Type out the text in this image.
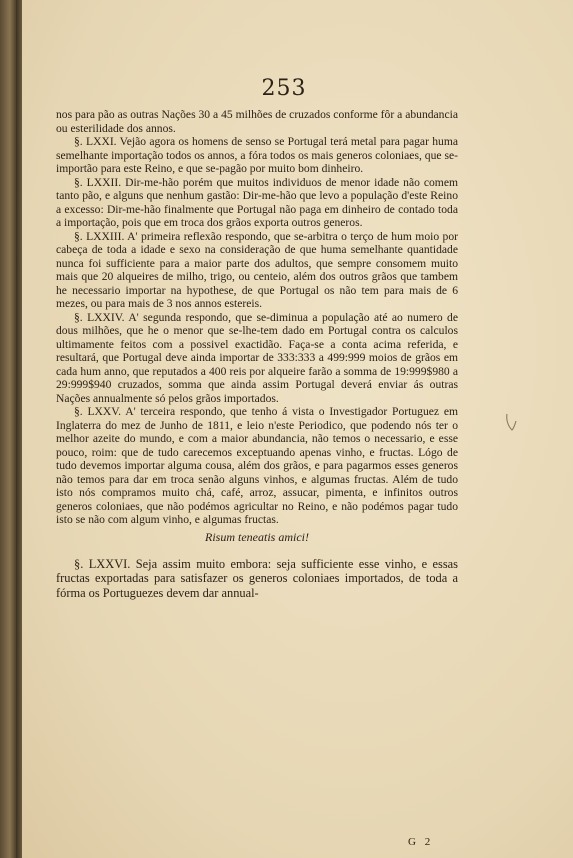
253

nos para pão as outras Nações 30 a 45 milhões de cruzados conforme fôr a abundancia ou esterilidade dos annos.

§. LXXI. Vejão agora os homens de senso se Portugal terá metal para pagar huma semelhante importação todos os annos, a fóra todos os mais generos coloniaes, que se-importão para este Reino, e que se-pagão por muito bom dinheiro.

§. LXXII. Dir-me-hão porém que muitos individuos de menor idade não comem tanto pão, e alguns que nenhum gastão: Dir-me-hão que levo a população d'este Reino a excesso: Dir-me-hão finalmente que Portugal não paga em dinheiro de contado toda a importação, pois que em troca dos grãos exporta outros generos.

§. LXXIII. A' primeira reflexão respondo, que se-arbitra o terço de hum moio por cabeça de toda a idade e sexo na consideração de que huma semelhante quantidade nunca foi sufficiente para a maior parte dos adultos, que sempre consomem muito mais que 20 alqueires de milho, trigo, ou centeio, além dos outros grãos que tambem he necessario importar na hypothese, de que Portugal os não tem para mais de 6 mezes, ou para mais de 3 nos annos estereis.

§. LXXIV. A' segunda respondo, que se-diminua a população até ao numero de dous milhões, que he o menor que se-lhe-tem dado em Portugal contra os calculos ultimamente feitos com a possivel exactidão. Faça-se a conta acima referida, e resultará, que Portugal deve ainda importar de 333:333 a 499:999 moios de grãos em cada hum anno, que reputados a 400 reis por alqueire farão a somma de 19:999$980 a 29:999$940 cruzados, somma que ainda assim Portugal deverá enviar ás outras Nações annualmente só pelos grãos importados.

§. LXXV. A' terceira respondo, que tenho á vista o Investigador Portuguez em Inglaterra do mez de Junho de 1811, e leio n'este Periodico, que podendo nós ter o melhor azeite do mundo, e com a maior abundancia, não temos o necessario, e esse pouco, roim: que de tudo carecemos exceptuando apenas vinho, e fructas. Lógo de tudo devemos importar alguma cousa, além dos grãos, e para pagarmos esses generos não temos para dar em troca senão alguns vinhos, e algumas fructas. Além de tudo isto nós compramos muito chá, café, arroz, assucar, pimenta, e infinitos outros generos coloniaes, que não podémos agricultar no Reino, e não podémos pagar tudo isto se não com algum vinho, e algumas fructas.

Risum teneatis amici!

§. LXXVI. Seja assim muito embora: seja sufficiente esse vinho, e essas fructas exportadas para satisfazer os generos coloniaes importados, de toda a fórma os Portuguezes devem dar annual-

G 2
